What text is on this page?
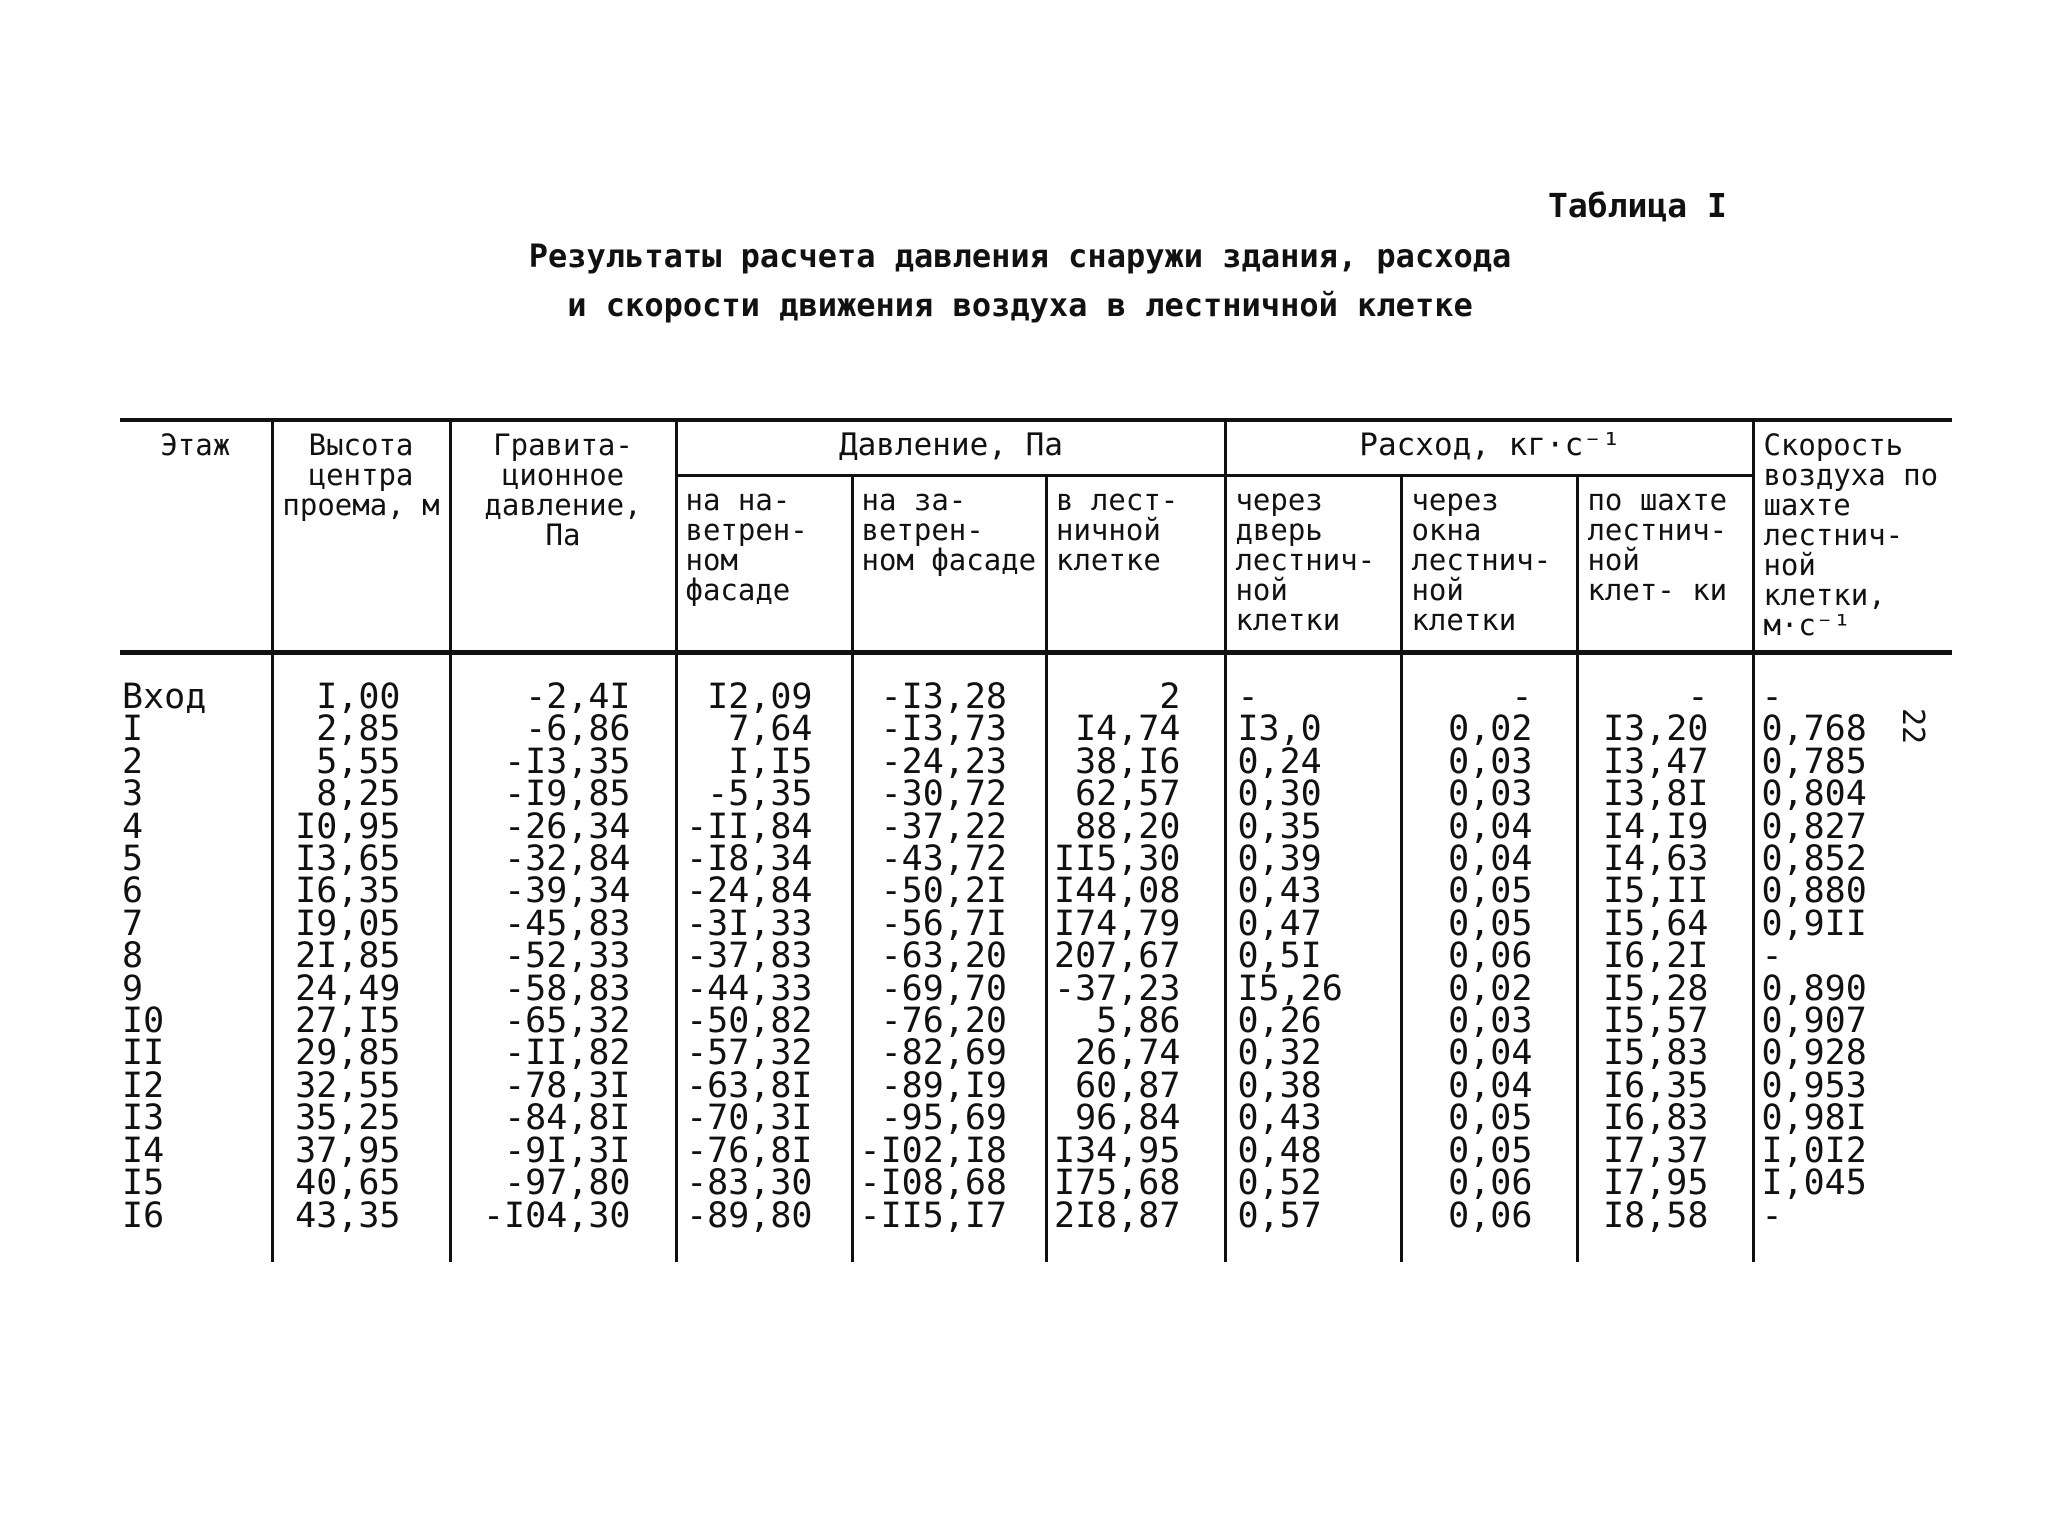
Таблица I
Результаты расчета давления снаружи здания, расхода
и скорости движения воздуха в лестничной клетке
22
Этаж	Высота центра проема, м	Гравита- ционное давление, Па	Давление, Па			Расход, кг·с⁻¹			Скорость воздуха по шахте лестнич- ной клетки, м·с⁻¹
			на на- ветрен- ном фасаде	на за- ветрен- ном фасаде	в лест- ничной клетке	через дверь лестнич- ной клетки	через окна лестнич- ной клетки	по шахте лестнич- ной клет- ки	
Вход	I,00	-2,4I	I2,09	-I3,28	2	-	-	-	-
I	2,85	-6,86	7,64	-I3,73	I4,74	I3,0	0,02	I3,20	0,768
2	5,55	-I3,35	I,I5	-24,23	38,I6	0,24	0,03	I3,47	0,785
3	8,25	-I9,85	-5,35	-30,72	62,57	0,30	0,03	I3,8I	0,804
4	I0,95	-26,34	-II,84	-37,22	88,20	0,35	0,04	I4,I9	0,827
5	I3,65	-32,84	-I8,34	-43,72	II5,30	0,39	0,04	I4,63	0,852
6	I6,35	-39,34	-24,84	-50,2I	I44,08	0,43	0,05	I5,II	0,880
7	I9,05	-45,83	-3I,33	-56,7I	I74,79	0,47	0,05	I5,64	0,9II
8	2I,85	-52,33	-37,83	-63,20	207,67	0,5I	0,06	I6,2I	-
9	24,49	-58,83	-44,33	-69,70	-37,23	I5,26	0,02	I5,28	0,890
I0	27,I5	-65,32	-50,82	-76,20	5,86	0,26	0,03	I5,57	0,907
II	29,85	-II,82	-57,32	-82,69	26,74	0,32	0,04	I5,83	0,928
I2	32,55	-78,3I	-63,8I	-89,I9	60,87	0,38	0,04	I6,35	0,953
I3	35,25	-84,8I	-70,3I	-95,69	96,84	0,43	0,05	I6,83	0,98I
I4	37,95	-9I,3I	-76,8I	-I02,I8	I34,95	0,48	0,05	I7,37	I,0I2
I5	40,65	-97,80	-83,30	-I08,68	I75,68	0,52	0,06	I7,95	I,045
I6	43,35	-I04,30	-89,80	-II5,I7	2I8,87	0,57	0,06	I8,58	-
